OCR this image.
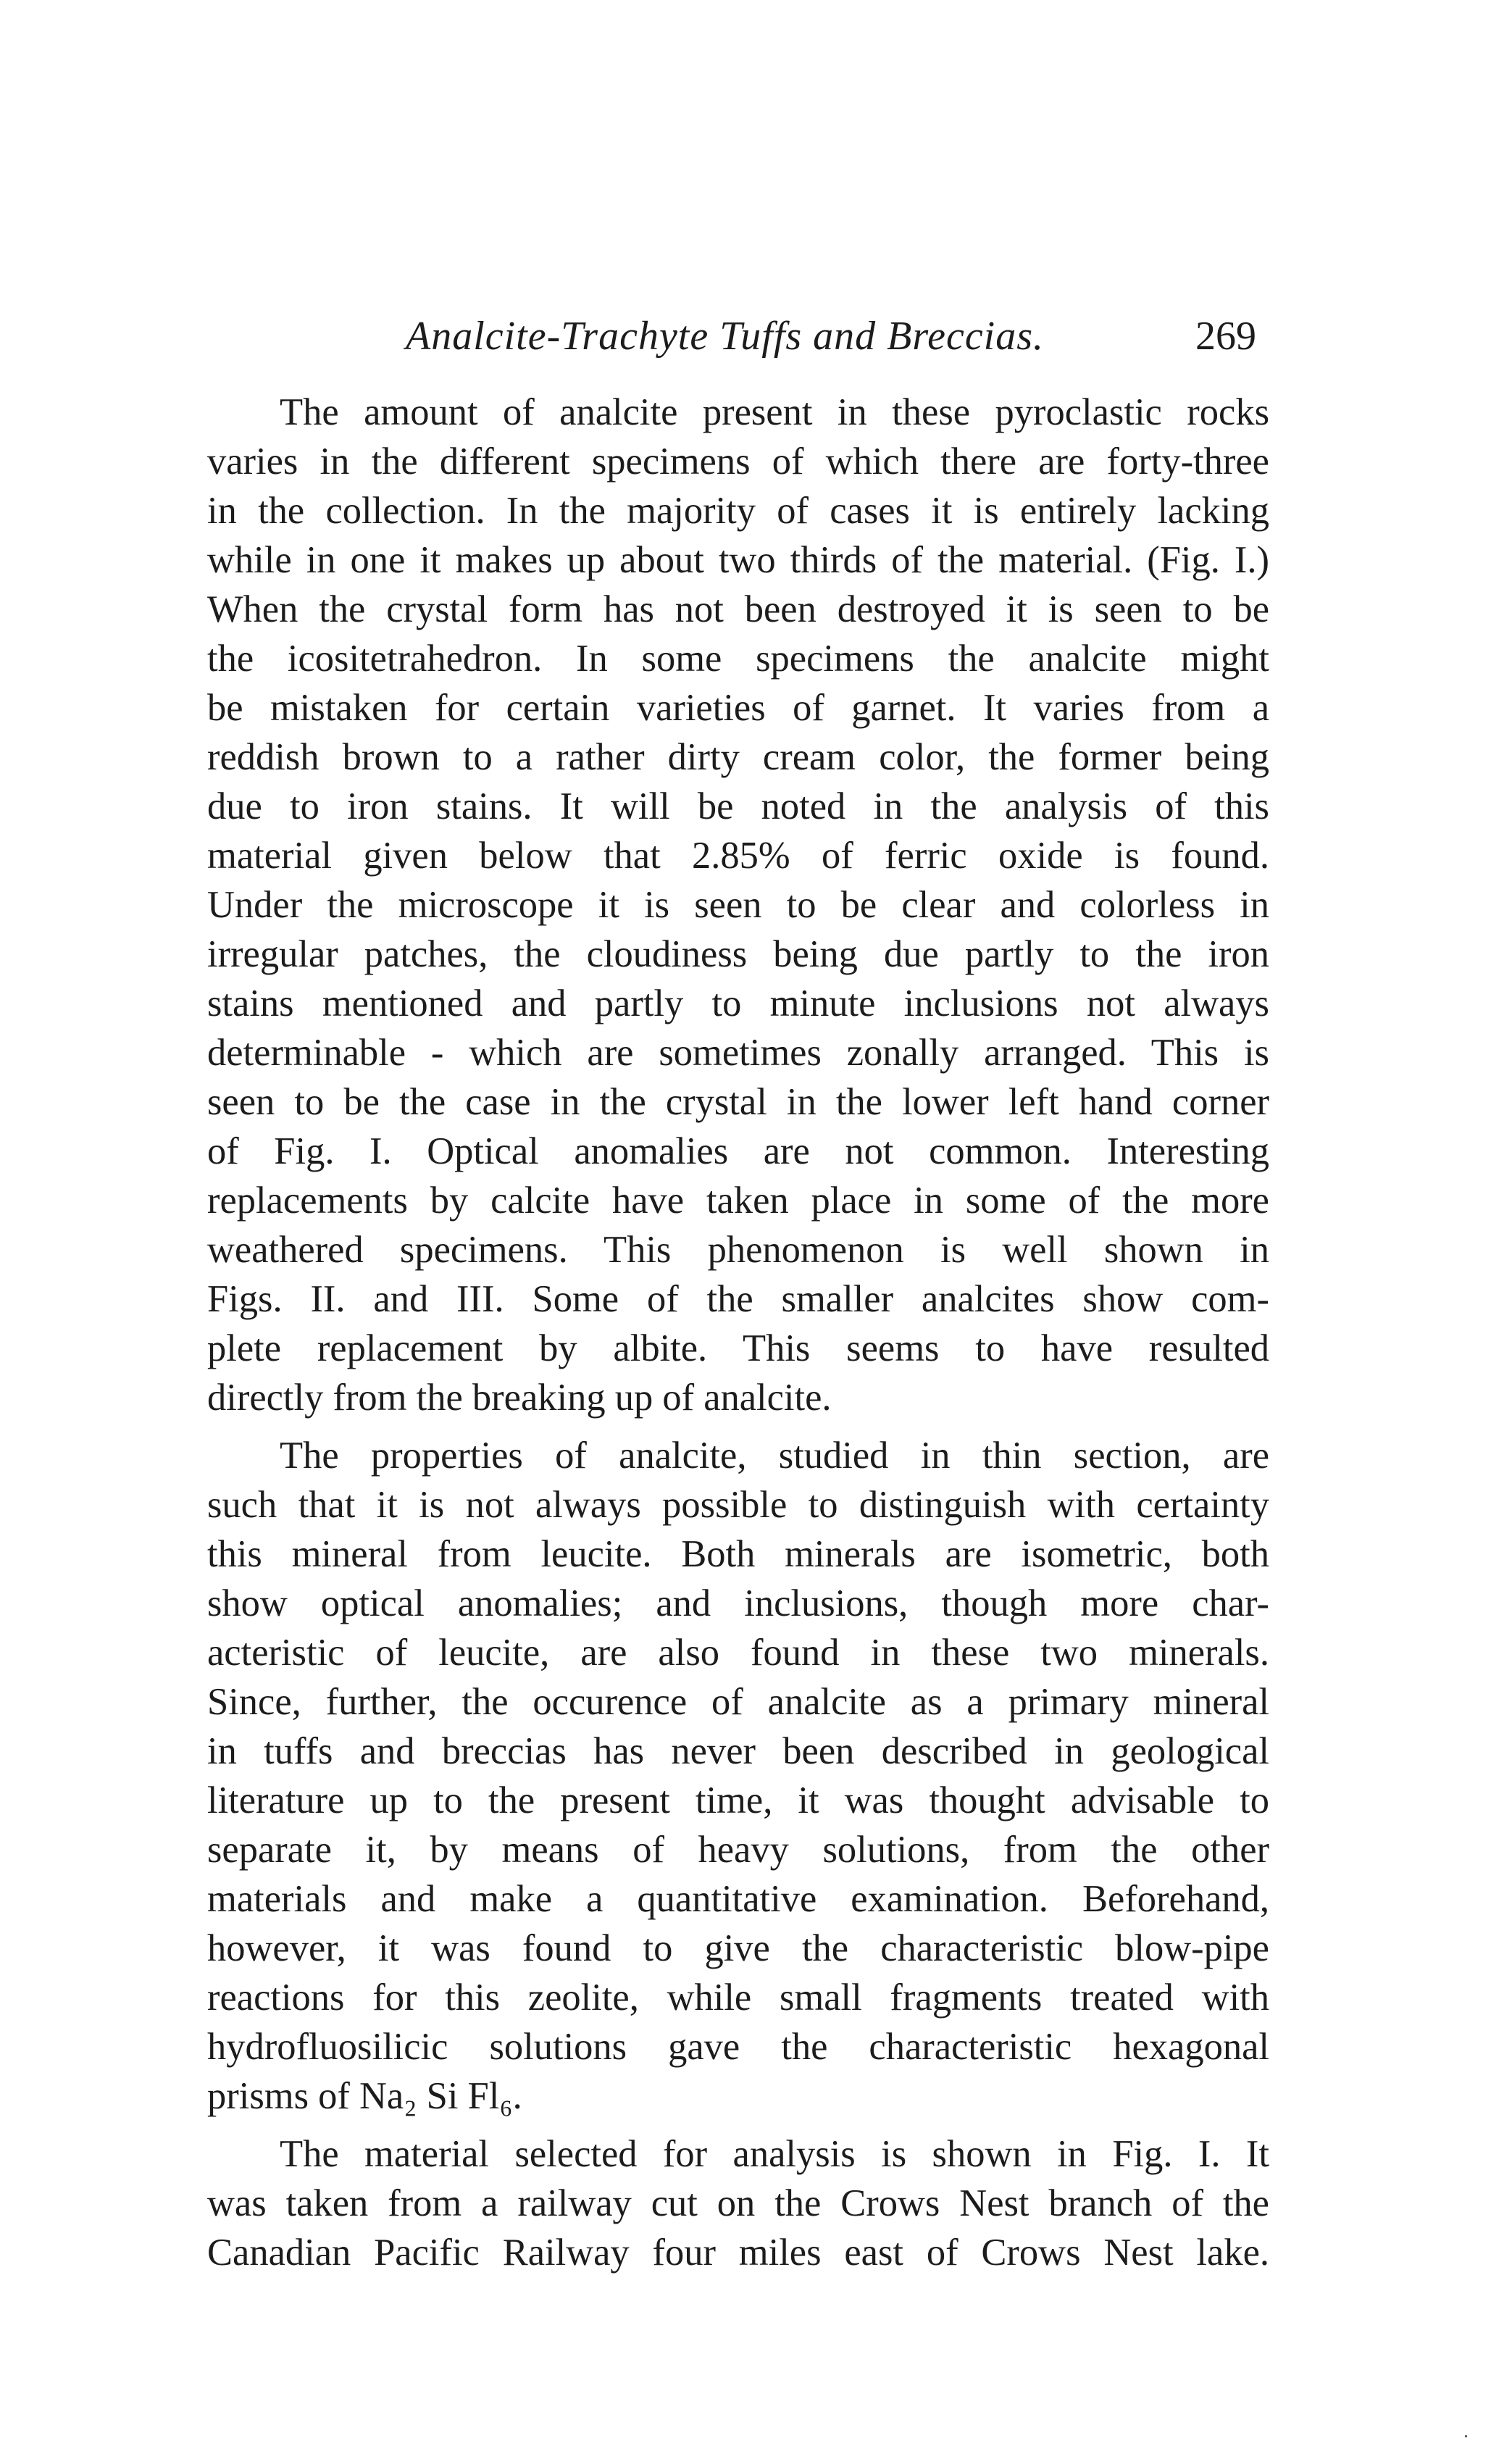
Analcite-Trachyte Tuffs and Breccias.	269
The amount of analcite present in these pyroclastic rocks
varies in the different specimens of which there are forty-three
in the collection. In the majority of cases it is entirely lacking
while in one it makes up about two thirds of the material. (Fig. I.)
When the crystal form has not been destroyed it is seen to be
the icositetrahedron. In some specimens the analcite might
be mistaken for certain varieties of garnet. It varies from a
reddish brown to a rather dirty cream color, the former being
due to iron stains. It will be noted in the analysis of this
material given below that 2.85% of ferric oxide is found.
Under the microscope it is seen to be clear and colorless in
irregular patches, the cloudiness being due partly to the iron
stains mentioned and partly to minute inclusions not always
determinable - which are sometimes zonally arranged. This is
seen to be the case in the crystal in the lower left hand corner
of Fig. I. Optical anomalies are not common. Interesting
replacements by calcite have taken place in some of the more
weathered specimens. This phenomenon is well shown in
Figs. II. and III. Some of the smaller analcites show com-
plete replacement by albite. This seems to have resulted
directly from the breaking up of analcite.
The properties of analcite, studied in thin section, are
such that it is not always possible to distinguish with certainty
this mineral from leucite. Both minerals are isometric, both
show optical anomalies; and inclusions, though more char-
acteristic of leucite, are also found in these two minerals.
Since, further, the occurence of analcite as a primary mineral
in tuffs and breccias has never been described in geological
literature up to the present time, it was thought advisable to
separate it, by means of heavy solutions, from the other
materials and make a quantitative examination. Beforehand,
however, it was found to give the characteristic blow-pipe
reactions for this zeolite, while small fragments treated with
hydrofluosilicic solutions gave the characteristic hexagonal
prisms of Na₂ Si Fl₆.
The material selected for analysis is shown in Fig. I. It
was taken from a railway cut on the Crows Nest branch of the
Canadian Pacific Railway four miles east of Crows Nest lake.
.
